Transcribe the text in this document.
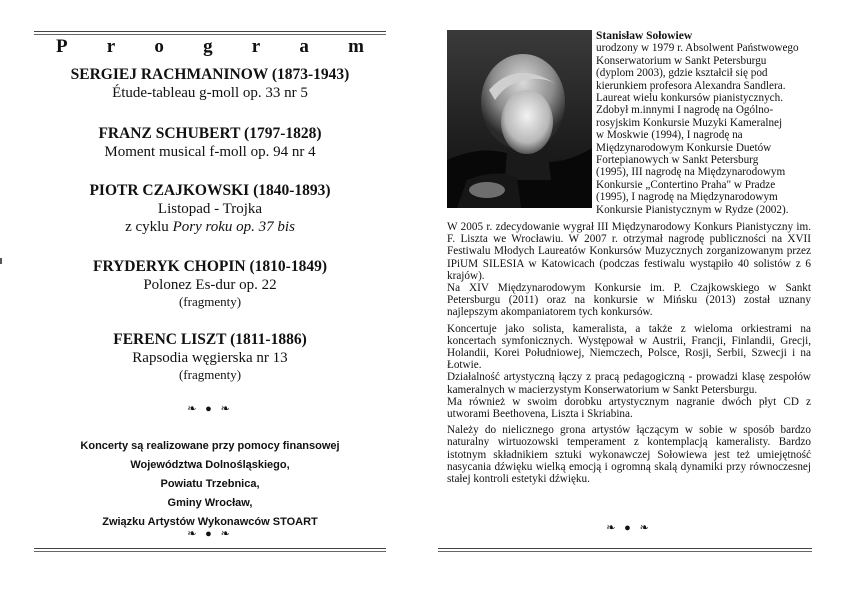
P r o g r a m
SERGIEJ RACHMANINOW (1873-1943)
Étude-tableau g-moll op. 33 nr 5
FRANZ SCHUBERT (1797-1828)
Moment musical f-moll op. 94 nr 4
PIOTR CZAJKOWSKI (1840-1893)
Listopad - Trojka
z cyklu Pory roku op. 37 bis
FRYDERYK CHOPIN (1810-1849)
Polonez Es-dur op. 22
(fragmenty)
FERENC LISZT (1811-1886)
Rapsodia węgierska nr 13
(fragmenty)
❧ ● ❧
Koncerty są realizowane przy pomocy finansowej
Województwa Dolnośląskiego,
Powiatu Trzebnica,
Gminy Wrocław,
Związku Artystów Wykonawców STOART
❧ ● ❧
Stanisław Sołowiew
urodzony w 1979 r. Absolwent Państwowego
Konserwatorium w Sankt Petersburgu
(dyplom 2003), gdzie kształcił się pod
kierunkiem profesora Alexandra Sandlera.
Laureat wielu konkursów pianistycznych.
Zdobył m.innymi I nagrodę na Ogólno-
rosyjskim Konkursie Muzyki Kameralnej
w Moskwie (1994), I nagrodę na
Międzynarodowym Konkursie Duetów
Fortepianowych w Sankt Petersburg
(1995), III nagrodę na Międzynarodowym
Konkursie „Contertino Praha" w Pradze
(1995), I nagrodę na Międzynarodowym
Konkursie Pianistycznym w Rydze (2002).

W 2005 r. zdecydowanie wygrał III Międzynarodowy Konkurs Pianistyczny im. F. Liszta we Wrocławiu. W 2007 r. otrzymał nagrodę publiczności na XVII Festiwalu Młodych Laureatów Konkursów Muzycznych zorganizowanym przez IPiUM SILESIA w Katowicach (podczas festiwalu wystąpiło 40 solistów z 6 krajów).

Na XIV Międzynarodowym Konkursie im. P. Czajkowskiego w Sankt Petersburgu (2011) oraz na konkursie w Mińsku (2013) został uznany najlepszym akompaniatorem tych konkursów.

Koncertuje jako solista, kameralista, a także z wieloma orkiestrami na koncertach symfonicznych. Występował w Austrii, Francji, Finlandii, Grecji, Holandii, Korei Południowej, Niemczech, Polsce, Rosji, Serbii, Szwecji i na Łotwie.

Działalność artystyczną łączy z pracą pedagogiczną - prowadzi klasę zespołów kameralnych w macierzystym Konserwatorium w Sankt Petersburgu.

Ma również w swoim dorobku artystycznym nagranie dwóch płyt CD z utworami Beethovena, Liszta i Skriabina.

Należy do nielicznego grona artystów łączącym w sobie w sposób bardzo naturalny wirtuozowski temperament z kontemplacją kameralisty. Bardzo istotnym składnikiem sztuki wykonawczej Sołowiewa jest też umiejętność nasycania dźwięku wielką emocją i ogromną skalą dynamiki przy równoczesnej stałej kontroli estetyki dźwięku.

❧ ● ❧
